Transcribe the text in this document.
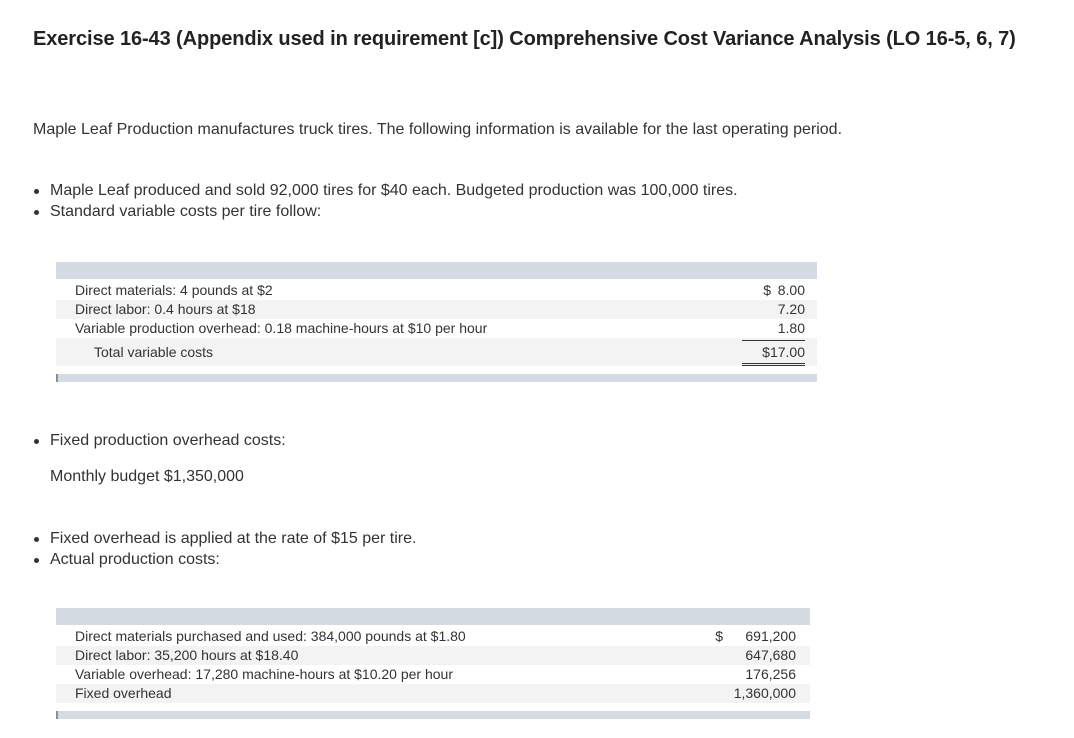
Exercise 16-43 (Appendix used in requirement [c]) Comprehensive Cost Variance Analysis (LO 16-5, 6, 7)
Maple Leaf Production manufactures truck tires. The following information is available for the last operating period.
Maple Leaf produced and sold 92,000 tires for $40 each. Budgeted production was 100,000 tires.
Standard variable costs per tire follow:
Direct materials: 4 pounds at $2	$ 8.00
Direct labor: 0.4 hours at $18	7.20
Variable production overhead: 0.18 machine-hours at $10 per hour	1.80
Total variable costs	$17.00
Fixed production overhead costs:
Monthly budget $1,350,000
Fixed overhead is applied at the rate of $15 per tire.
Actual production costs:
Direct materials purchased and used: 384,000 pounds at $1.80	$ 691,200
Direct labor: 35,200 hours at $18.40	647,680
Variable overhead: 17,280 machine-hours at $10.20 per hour	176,256
Fixed overhead	1,360,000
